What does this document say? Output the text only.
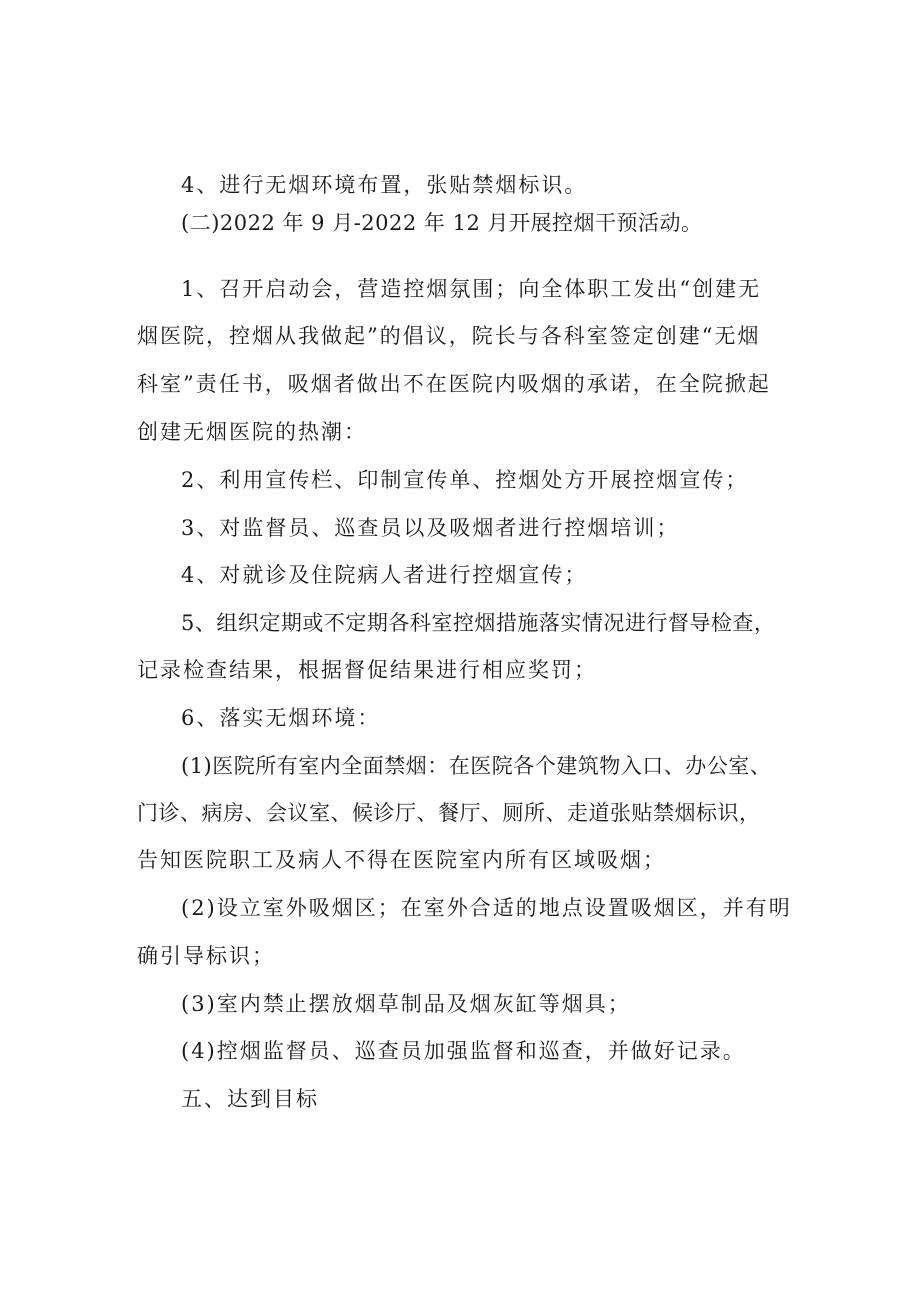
4、进行无烟环境布置，张贴禁烟标识。
(二)2022 年 9 月-2022 年 12 月开展控烟干预活动。
1、召开启动会，营造控烟氛围；向全体职工发出“创建无
烟医院，控烟从我做起”的倡议，院长与各科室签定创建“无烟
科室”责任书，吸烟者做出不在医院内吸烟的承诺，在全院掀起
创建无烟医院的热潮：
2、利用宣传栏、印制宣传单、控烟处方开展控烟宣传；
3、对监督员、巡查员以及吸烟者进行控烟培训；
4、对就诊及住院病人者进行控烟宣传；
5、组织定期或不定期各科室控烟措施落实情况进行督导检查，
记录检查结果，根据督促结果进行相应奖罚；
6、落实无烟环境：
(1)医院所有室内全面禁烟：在医院各个建筑物入口、办公室、
门诊、病房、会议室、候诊厅、餐厅、厕所、走道张贴禁烟标识，
告知医院职工及病人不得在医院室内所有区域吸烟；
(2)设立室外吸烟区；在室外合适的地点设置吸烟区，并有明
确引导标识；
(3)室内禁止摆放烟草制品及烟灰缸等烟具；
(4)控烟监督员、巡查员加强监督和巡查，并做好记录。
五、达到目标
